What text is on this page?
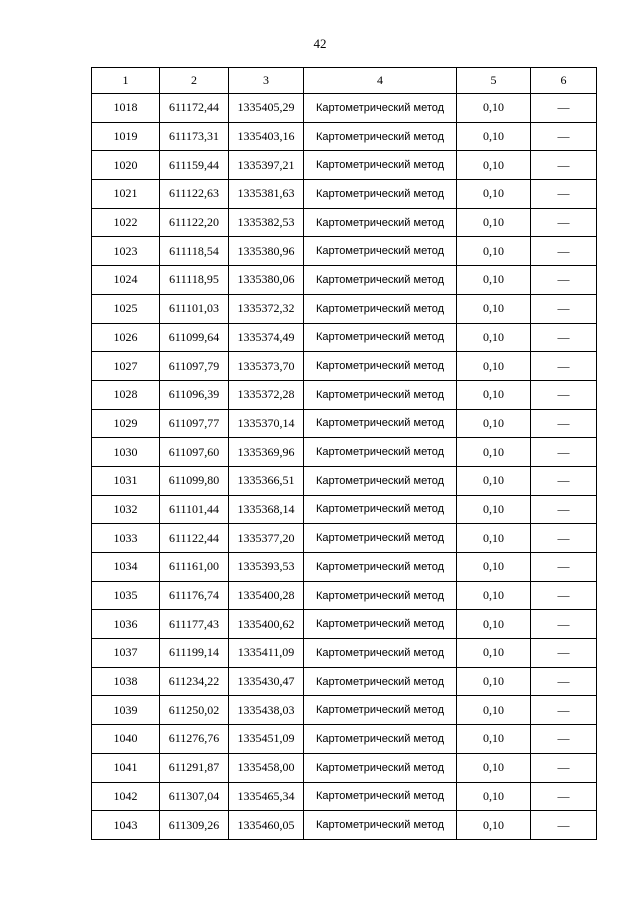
42
1	2	3	4	5	6
1018	611172,44	1335405,29	Картометрический метод	0,10	—
1019	611173,31	1335403,16	Картометрический метод	0,10	—
1020	611159,44	1335397,21	Картометрический метод	0,10	—
1021	611122,63	1335381,63	Картометрический метод	0,10	—
1022	611122,20	1335382,53	Картометрический метод	0,10	—
1023	611118,54	1335380,96	Картометрический метод	0,10	—
1024	611118,95	1335380,06	Картометрический метод	0,10	—
1025	611101,03	1335372,32	Картометрический метод	0,10	—
1026	611099,64	1335374,49	Картометрический метод	0,10	—
1027	611097,79	1335373,70	Картометрический метод	0,10	—
1028	611096,39	1335372,28	Картометрический метод	0,10	—
1029	611097,77	1335370,14	Картометрический метод	0,10	—
1030	611097,60	1335369,96	Картометрический метод	0,10	—
1031	611099,80	1335366,51	Картометрический метод	0,10	—
1032	611101,44	1335368,14	Картометрический метод	0,10	—
1033	611122,44	1335377,20	Картометрический метод	0,10	—
1034	611161,00	1335393,53	Картометрический метод	0,10	—
1035	611176,74	1335400,28	Картометрический метод	0,10	—
1036	611177,43	1335400,62	Картометрический метод	0,10	—
1037	611199,14	1335411,09	Картометрический метод	0,10	—
1038	611234,22	1335430,47	Картометрический метод	0,10	—
1039	611250,02	1335438,03	Картометрический метод	0,10	—
1040	611276,76	1335451,09	Картометрический метод	0,10	—
1041	611291,87	1335458,00	Картометрический метод	0,10	—
1042	611307,04	1335465,34	Картометрический метод	0,10	—
1043	611309,26	1335460,05	Картометрический метод	0,10	—
